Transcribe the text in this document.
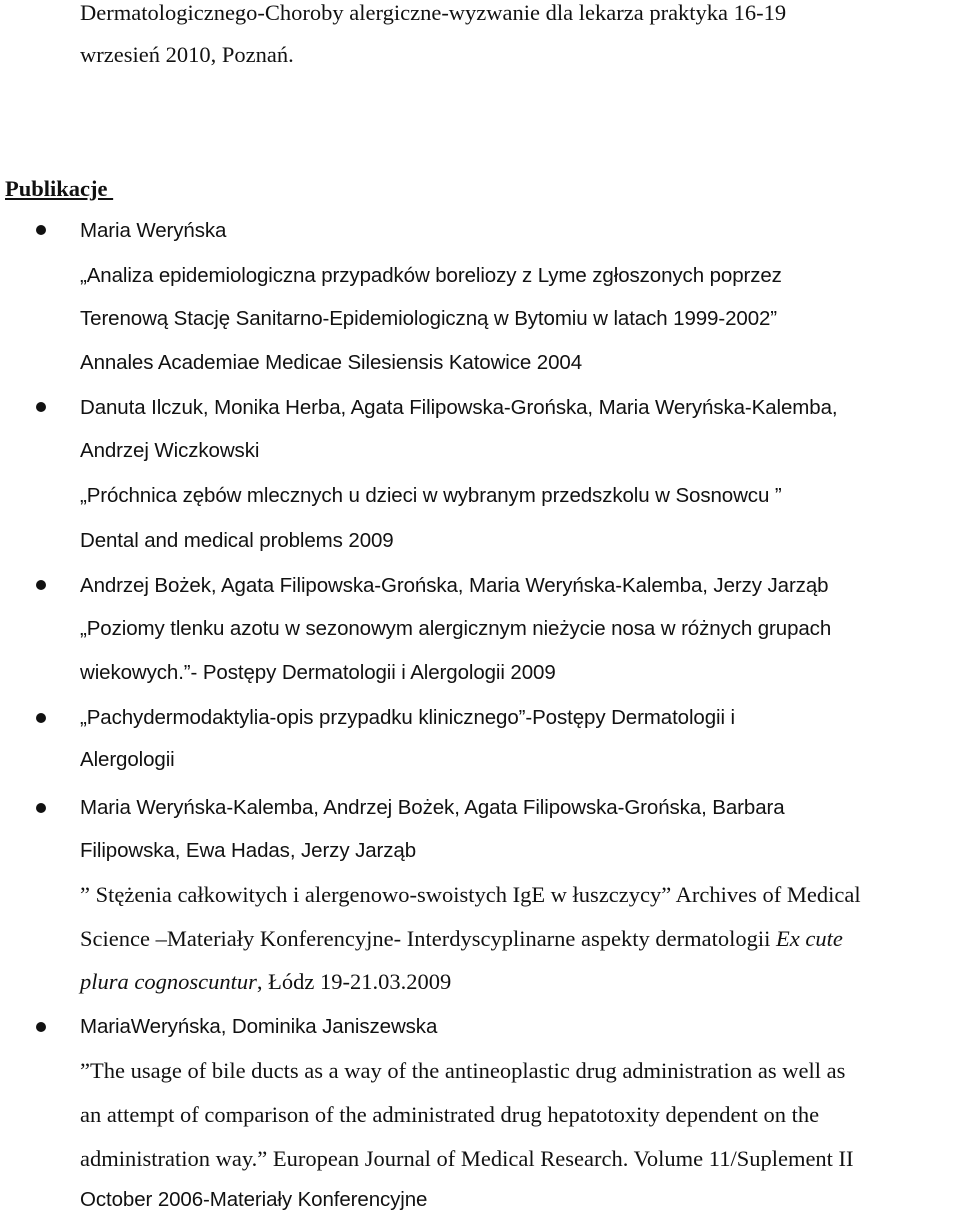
Dermatologicznego-Choroby alergiczne-wyzwanie dla lekarza praktyka 16-19
wrzesień 2010, Poznań.
Publikacje
Maria Weryńska
„Analiza epidemiologiczna przypadków boreliozy z Lyme zgłoszonych poprzez
Terenową Stację Sanitarno-Epidemiologiczną w Bytomiu w latach 1999-2002”
Annales Academiae Medicae Silesiensis Katowice 2004
Danuta Ilczuk, Monika Herba, Agata Filipowska-Grońska, Maria Weryńska-Kalemba,
Andrzej Wiczkowski
„Próchnica zębów mlecznych u dzieci w wybranym przedszkolu w Sosnowcu ”
Dental and medical problems 2009
Andrzej Bożek, Agata Filipowska-Grońska, Maria Weryńska-Kalemba, Jerzy Jarząb
„Poziomy tlenku azotu w sezonowym alergicznym nieżycie nosa w różnych grupach
wiekowych.”- Postępy Dermatologii i Alergologii 2009
„Pachydermodaktylia-opis przypadku klinicznego”-Postępy Dermatologii i
Alergologii
Maria Weryńska-Kalemba, Andrzej Bożek, Agata Filipowska-Grońska, Barbara
Filipowska, Ewa Hadas, Jerzy Jarząb
” Stężenia całkowitych i alergenowo-swoistych IgE w łuszczycy” Archives of Medical
Science –Materiały Konferencyjne- Interdyscyplinarne aspekty dermatologii Ex cute
plura cognoscuntur, Łódz 19-21.03.2009
MariaWeryńska, Dominika Janiszewska
”The usage of bile ducts as a way of the antineoplastic drug administration as well as
an attempt of comparison of the administrated drug hepatotoxity dependent on the
administration way.” European Journal of Medical Research. Volume 11/Suplement II
October 2006-Materiały Konferencyjne
